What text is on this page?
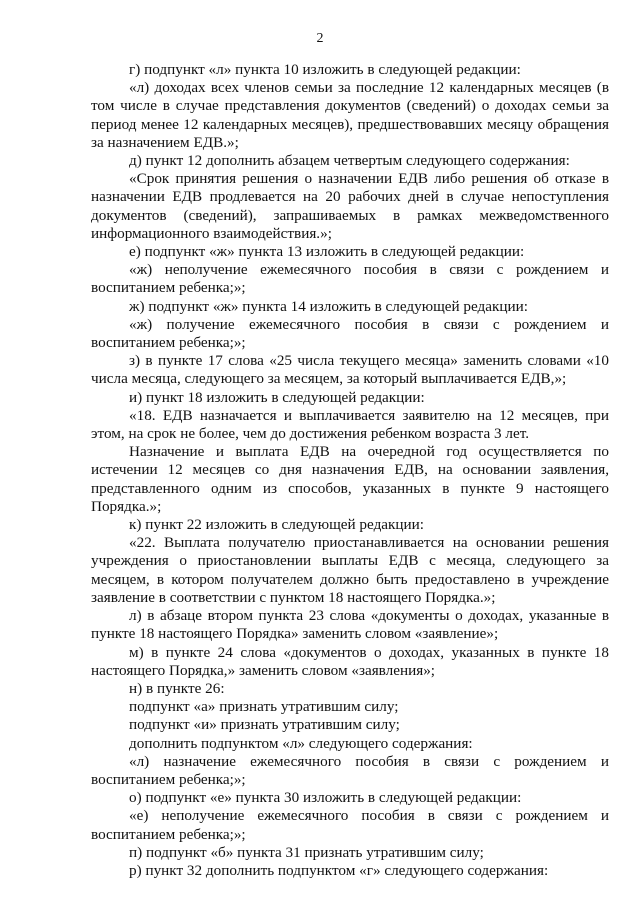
2

г) подпункт «л» пункта 10 изложить в следующей редакции:

«л) доходах всех членов семьи за последние 12 календарных месяцев (в том числе в случае представления документов (сведений) о доходах семьи за период менее 12 календарных месяцев), предшествовавших месяцу обращения за назначением ЕДВ.»;

д) пункт 12 дополнить абзацем четвертым следующего содержания:

«Срок принятия решения о назначении ЕДВ либо решения об отказе в назначении ЕДВ продлевается на 20 рабочих дней в случае непоступления документов (сведений), запрашиваемых в рамках межведомственного информационного взаимодействия.»;

е) подпункт «ж» пункта 13 изложить в следующей редакции:

«ж) неполучение ежемесячного пособия в связи с рождением и воспитанием ребенка;»;

ж) подпункт «ж» пункта 14 изложить в следующей редакции:

«ж) получение ежемесячного пособия в связи с рождением и воспитанием ребенка;»;

з) в пункте 17 слова «25 числа текущего месяца» заменить словами «10 числа месяца, следующего за месяцем, за который выплачивается ЕДВ,»;

и) пункт 18 изложить в следующей редакции:

«18. ЕДВ назначается и выплачивается заявителю на 12 месяцев, при этом, на срок не более, чем до достижения ребенком возраста 3 лет.

Назначение и выплата ЕДВ на очередной год осуществляется по истечении 12 месяцев со дня назначения ЕДВ, на основании заявления, представленного одним из способов, указанных в пункте 9 настоящего Порядка.»;

к) пункт 22 изложить в следующей редакции:

«22. Выплата получателю приостанавливается на основании решения учреждения о приостановлении выплаты ЕДВ с месяца, следующего за месяцем, в котором получателем должно быть предоставлено в учреждение заявление в соответствии с пунктом 18 настоящего Порядка.»;

л) в абзаце втором пункта 23 слова «документы о доходах, указанные в пункте 18 настоящего Порядка» заменить словом «заявление»;

м) в пункте 24 слова «документов о доходах, указанных в пункте 18 настоящего Порядка,» заменить словом «заявления»;

н) в пункте 26:

подпункт «а» признать утратившим силу;

подпункт «и» признать утратившим силу;

дополнить подпунктом «л» следующего содержания:

«л) назначение ежемесячного пособия в связи с рождением и воспитанием ребенка;»;

о) подпункт «е» пункта 30 изложить в следующей редакции:

«е) неполучение ежемесячного пособия в связи с рождением и воспитанием ребенка;»;

п) подпункт «б» пункта 31 признать утратившим силу;

р) пункт 32 дополнить подпунктом «г» следующего содержания:
